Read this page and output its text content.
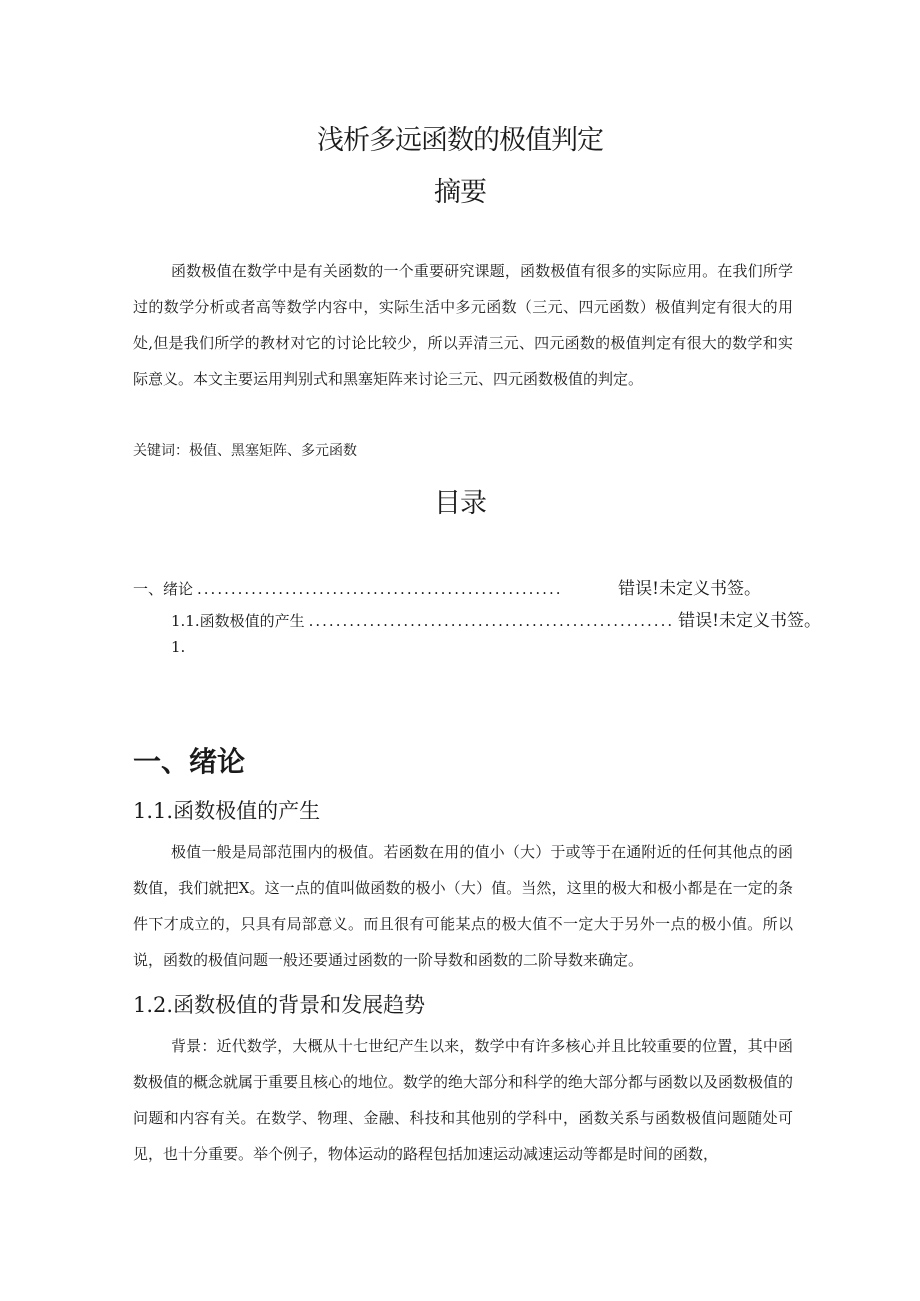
浅析多远函数的极值判定
摘要

函数极值在数学中是有关函数的一个重要研究课题，函数极值有很多的实际应用。在我们所学过的数学分析或者高等数学内容中，实际生活中多元函数（三元、四元函数）极值判定有很大的用处,但是我们所学的教材对它的讨论比较少，所以弄清三元、四元函数的极值判定有很大的数学和实际意义。本文主要运用判别式和黑塞矩阵来讨论三元、四元函数极值的判定。

关键词：极值、黑塞矩阵、多元函数
目录
一、绪论 ......................................................	错误!未定义书签。
1.1.函数极值的产生 ...................................................... 错误!未定义书签。
1.
一、绪论
1.1.函数极值的产生

极值一般是局部范围内的极值。若函数在用的值小（大）于或等于在通附近的任何其他点的函数值，我们就把X。这一点的值叫做函数的极小（大）值。当然，这里的极大和极小都是在一定的条件下才成立的，只具有局部意义。而且很有可能某点的极大值不一定大于另外一点的极小值。所以说，函数的极值问题一般还要通过函数的一阶导数和函数的二阶导数来确定。

1.2.函数极值的背景和发展趋势

背景：近代数学，大概从十七世纪产生以来，数学中有许多核心并且比较重要的位置，其中函数极值的概念就属于重要且核心的地位。数学的绝大部分和科学的绝大部分都与函数以及函数极值的问题和内容有关。在数学、物理、金融、科技和其他别的学科中，函数关系与函数极值问题随处可见，也十分重要。举个例子，物体运动的路程包括加速运动减速运动等都是时间的函数，
